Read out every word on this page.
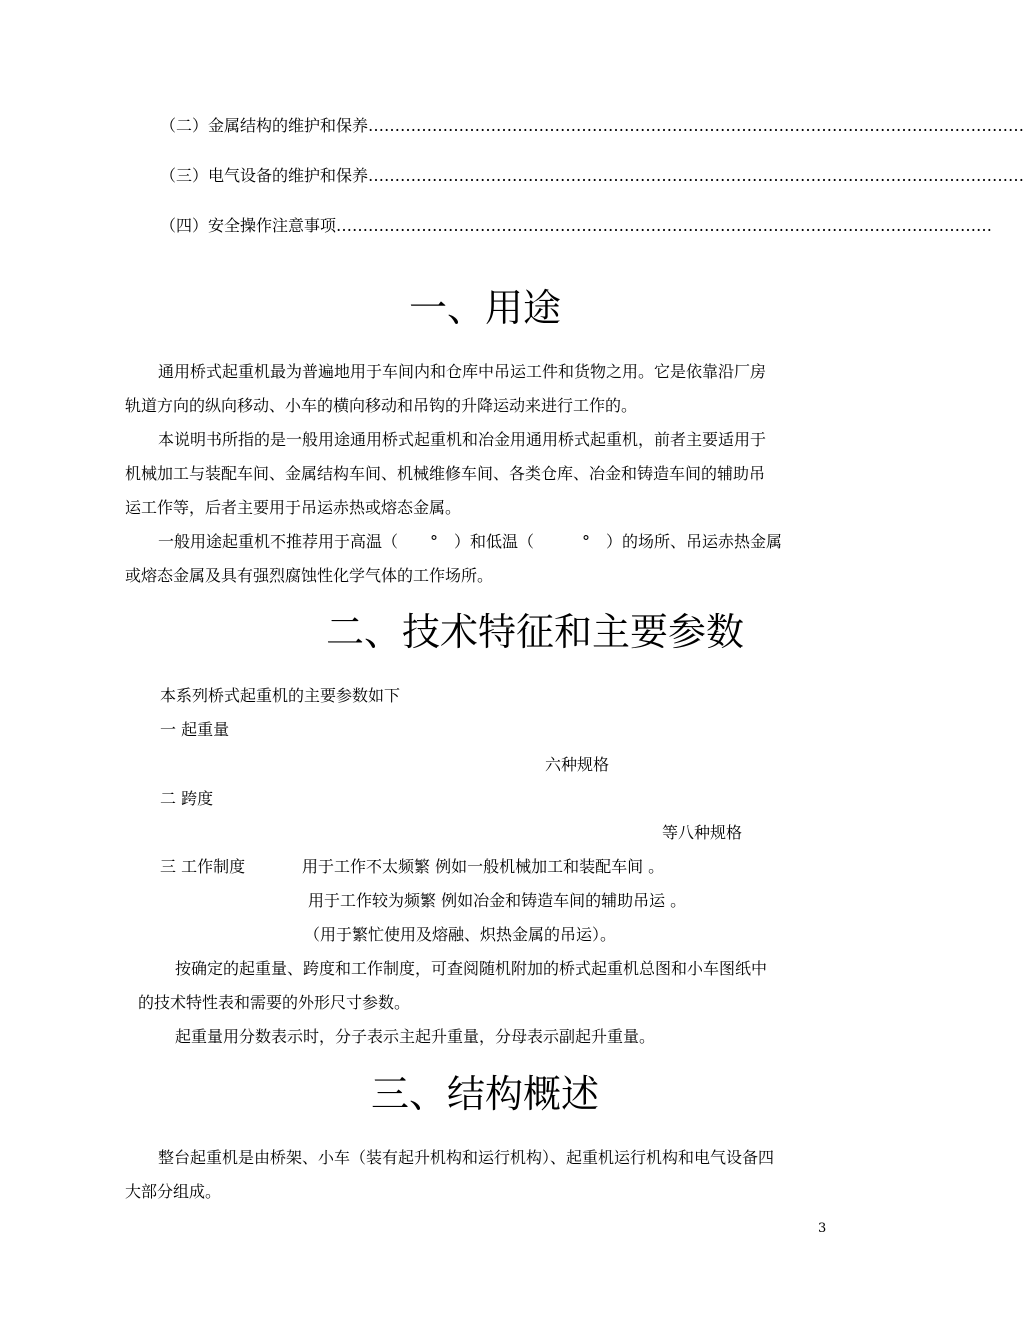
（二） 金属结构的维护和保养 ……………………………………………………………………………………………………………
（三） 电气设备的维护和保养 ……………………………………………………………………………………………………………
（四） 安全操作注意事项 ……………………………………………………………………………………………………………
一、用途
通用桥式起重机最为普遍地用于车间内和仓库中吊运工件和货物之用。它是依靠沿厂房
轨道方向的纵向移动、小车的横向移动和吊钩的升降运动来进行工作的。
本说明书所指的是一般用途通用桥式起重机和冶金用通用桥式起重机，前者主要适用于
机械加工与装配车间、金属结构车间、机械维修车间、各类仓库、冶金和铸造车间的辅助吊
运工作等，后者主要用于吊运赤热或熔态金属。
一般用途起重机不推荐用于高温（　　°　）和低温（　　　°　）的场所、吊运赤热金属
或熔态金属及具有强烈腐蚀性化学气体的工作场所。
二、技术特征和主要参数
本系列桥式起重机的主要参数如下
一 起重量
六种规格
二 跨度
等八种规格
三 工作制度	用于工作不太频繁 例如一般机械加工和装配车间 。
用于工作较为频繁 例如冶金和铸造车间的辅助吊运 。
（用于繁忙使用及熔融、炽热金属的吊运）。
按确定的起重量、跨度和工作制度，可查阅随机附加的桥式起重机总图和小车图纸中
的技术特性表和需要的外形尺寸参数。
起重量用分数表示时，分子表示主起升重量，分母表示副起升重量。
三、结构概述
整台起重机是由桥架、小车（装有起升机构和运行机构）、起重机运行机构和电气设备四
大部分组成。
3
